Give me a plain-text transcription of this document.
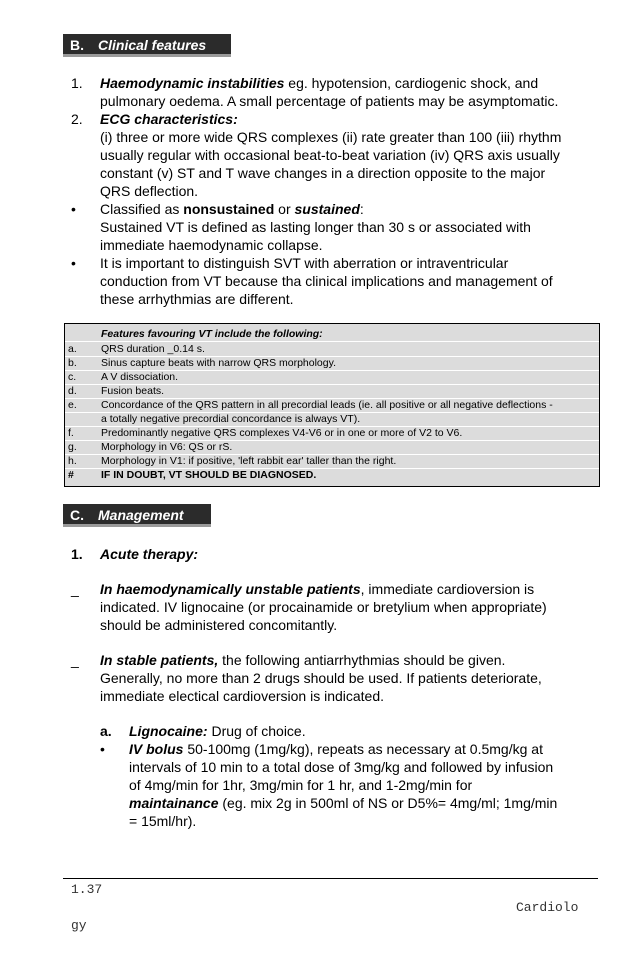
B. Clinical features
1. Haemodynamic instabilities eg. hypotension, cardiogenic shock, and
pulmonary oedema. A small percentage of patients may be asymptomatic.
2. ECG characteristics:
(i) three or more wide QRS complexes (ii) rate greater than 100 (iii) rhythm
usually regular with occasional beat-to-beat variation (iv) QRS axis usually
constant (v) ST and T wave changes in a direction opposite to the major
QRS deflection.
• Classified as nonsustained or sustained:
Sustained VT is defined as lasting longer than 30 s or associated with
immediate haemodynamic collapse.
• It is important to distinguish SVT with aberration or intraventricular
conduction from VT because tha clinical implications and management of
these arrhythmias are different.
Features favouring VT include the following:
a. QRS duration _0.14 s.
b. Sinus capture beats with narrow QRS morphology.
c. A V dissociation.
d. Fusion beats.
e. Concordance of the QRS pattern in all precordial leads (ie. all positive or all negative deflections -
a totally negative precordial concordance is always VT).
f.	Predominantly negative QRS complexes V4-V6 or in one or more of V2 to V6.
g. Morphology in V6: QS or rS.
h. Morphology in V1: if positive, 'left rabbit ear' taller than the right.
#	IF IN DOUBT, VT SHOULD BE DIAGNOSED.
C. Management
1. Acute therapy:
_ In haemodynamically unstable patients, immediate cardioversion is
indicated. IV lignocaine (or procainamide or bretylium when appropriate)
should be administered concomitantly.
_ In stable patients, the following antiarrhythmias should be given.
Generally, no more than 2 drugs should be used. If patients deteriorate,
immediate electical cardioversion is indicated.
a. Lignocaine: Drug of choice.
• IV bolus 50-100mg (1mg/kg), repeats as necessary at 0.5mg/kg at
intervals of 10 min to a total dose of 3mg/kg and followed by infusion
of 4mg/min for 1hr, 3mg/min for 1 hr, and 1-2mg/min for
maintainance (eg. mix 2g in 500ml of NS or D5%= 4mg/ml; 1mg/min
= 15ml/hr).
1.37
Cardiolo
gy
